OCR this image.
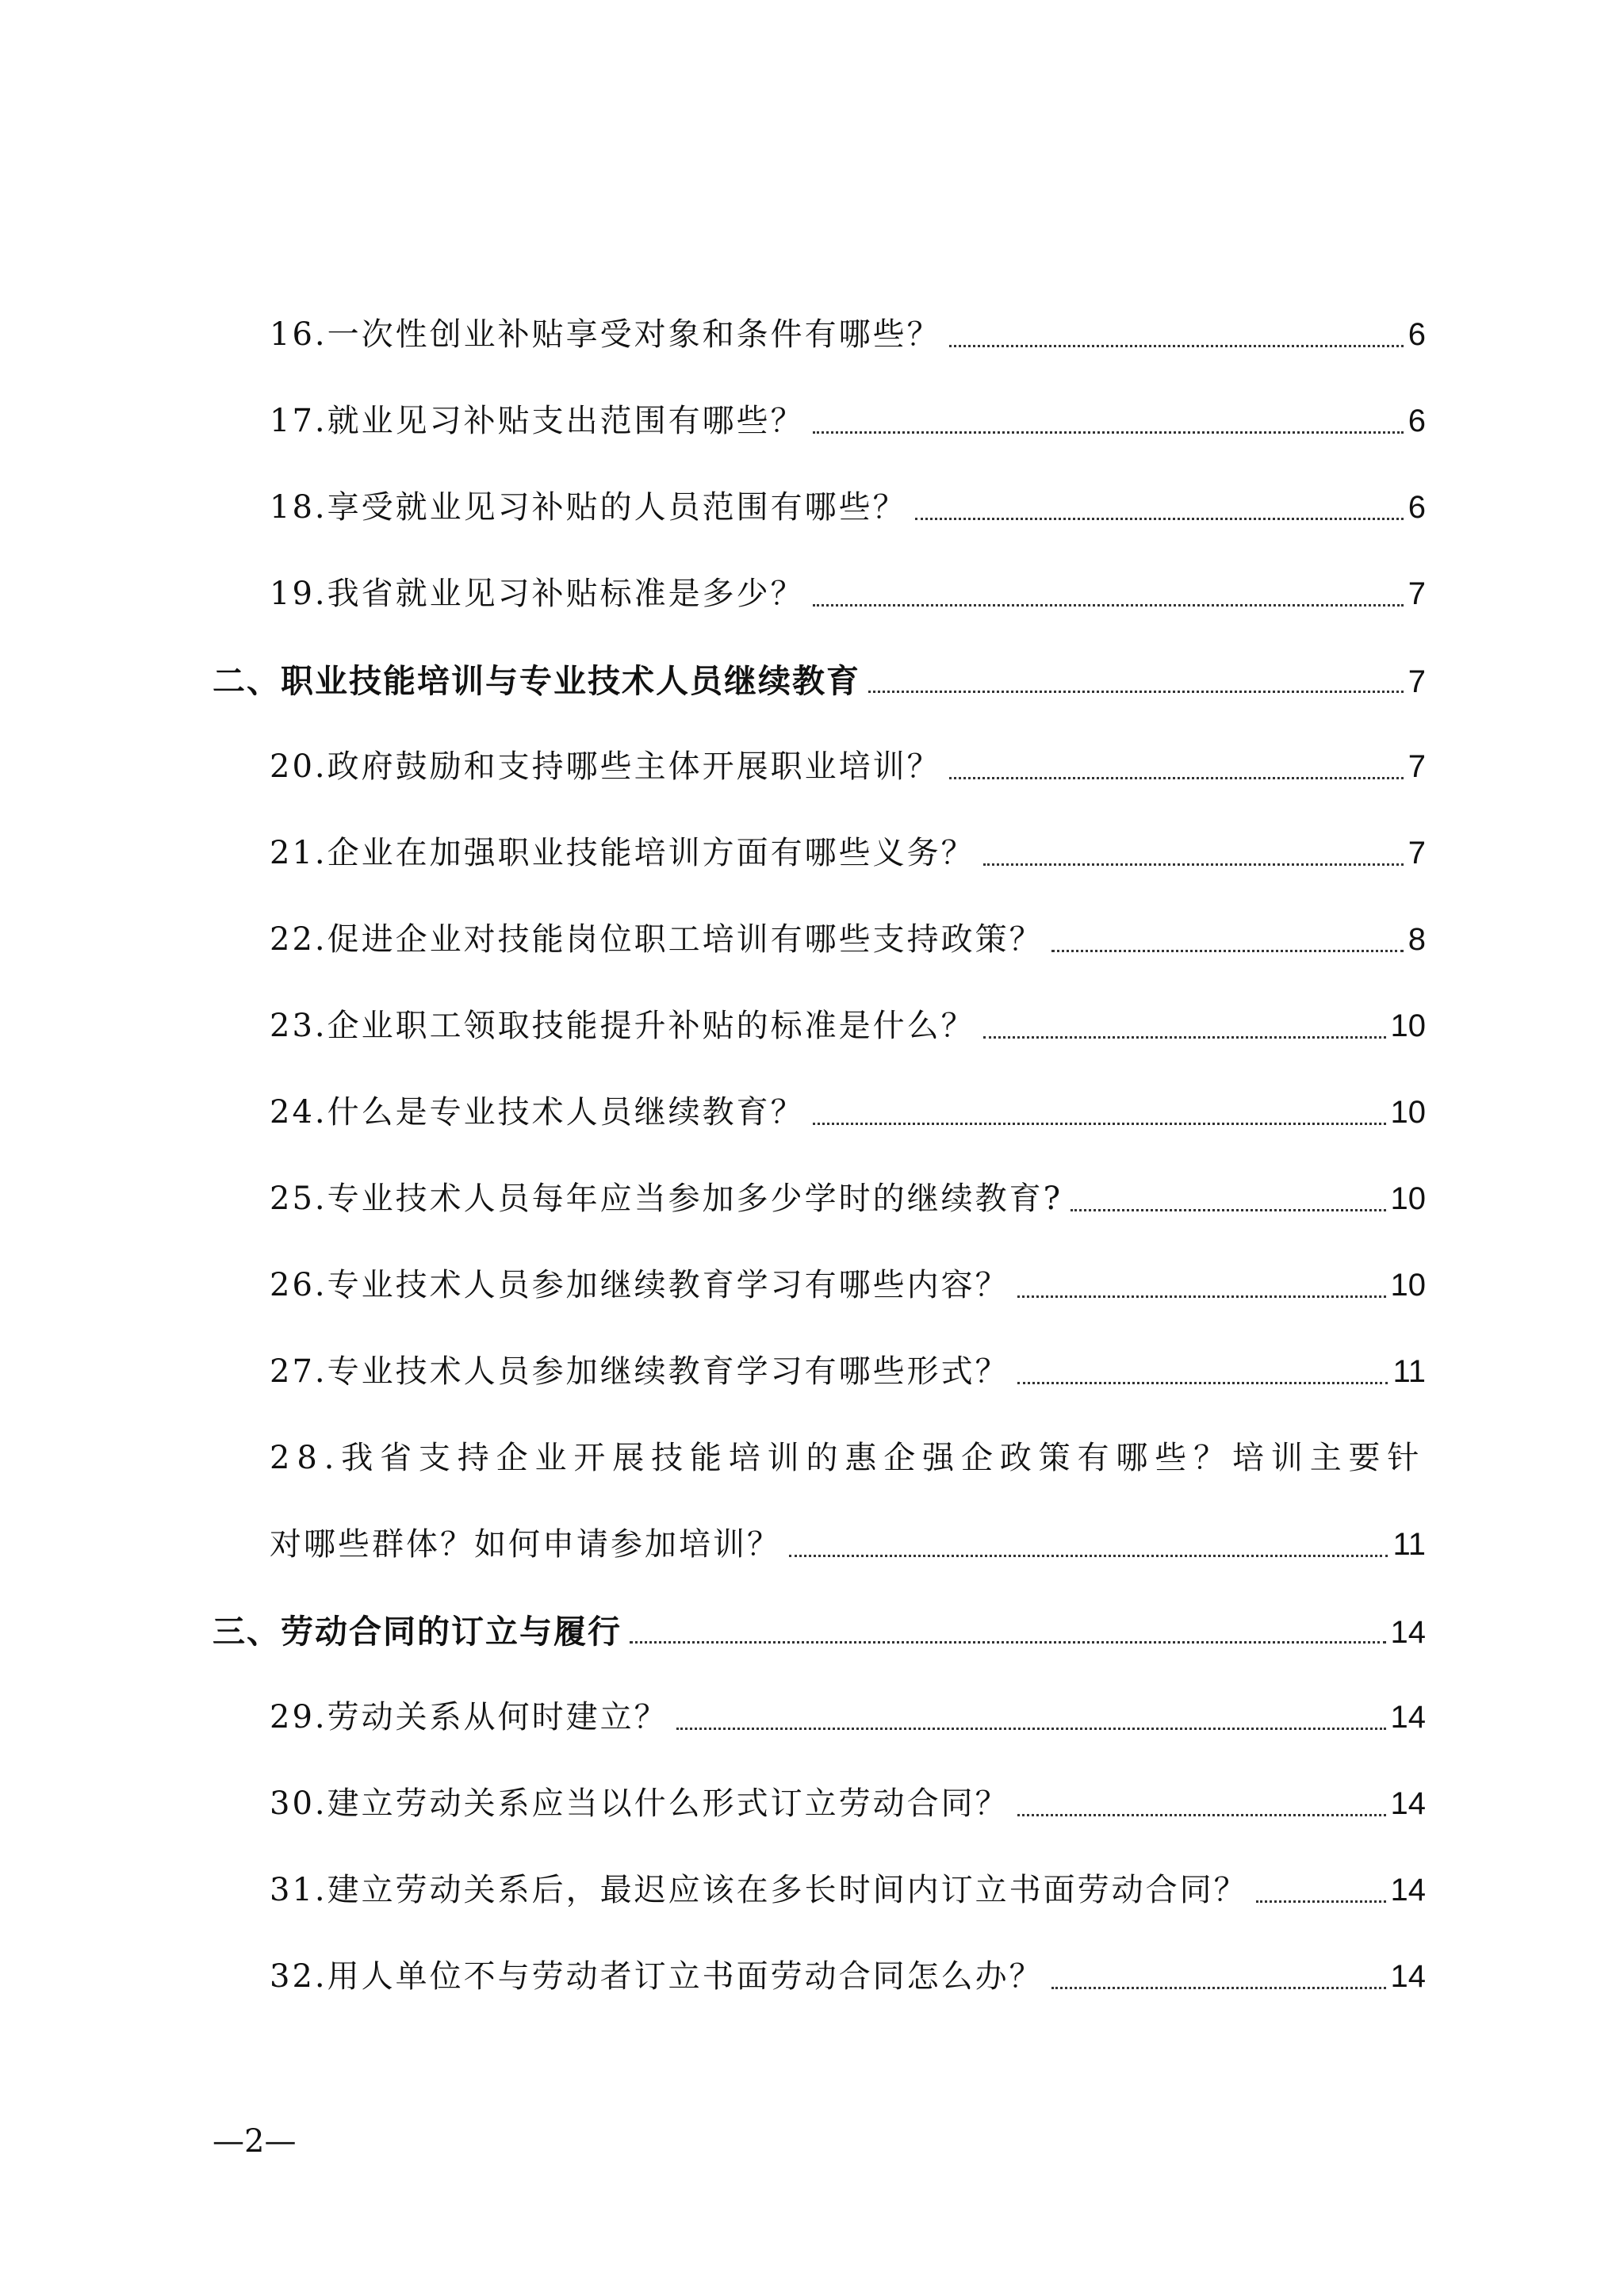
16.一次性创业补贴享受对象和条件有哪些？	6
17.就业见习补贴支出范围有哪些？	6
18.享受就业见习补贴的人员范围有哪些？	6
19.我省就业见习补贴标准是多少？	7
二、职业技能培训与专业技术人员继续教育	7
20.政府鼓励和支持哪些主体开展职业培训？	7
21.企业在加强职业技能培训方面有哪些义务？	7
22.促进企业对技能岗位职工培训有哪些支持政策？	8
23.企业职工领取技能提升补贴的标准是什么？	10
24.什么是专业技术人员继续教育？	10
25.专业技术人员每年应当参加多少学时的继续教育?	10
26.专业技术人员参加继续教育学习有哪些内容？	10
27.专业技术人员参加继续教育学习有哪些形式？	11
2 8 . 我 省 支 持 企 业 开 展 技 能 培 训 的 惠 企 强 企 政 策 有 哪 些 ？ 培 训 主 要 针
对哪些群体？如何申请参加培训？	11
三、劳动合同的订立与履行	14
29.劳动关系从何时建立？	14
30.建立劳动关系应当以什么形式订立劳动合同？	14
31.建立劳动关系后，最迟应该在多长时间内订立书面劳动合同？	14
32.用人单位不与劳动者订立书面劳动合同怎么办？	14
—2—
